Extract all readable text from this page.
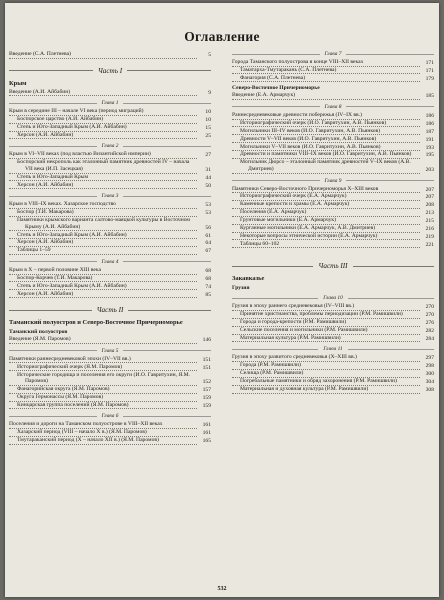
Оглавление
Введение (С.А. Плетнева)	5
Часть I
Крым
Введение (А.И. Айбабин)	9
Глава 1
Крым в середине III – начале VI века (период миграций)	10
Боспорское царство (А.И. Айбабин)	10
Степь и Юго-Западный Крым (А.И. Айбабин)	15
Херсон (А.И. Айбабин)	25
Глава 2
Крым в VI–VII веках (под властью Византийской империи)	27
Боспорский некрополь как эталонный памятник древностей IV – начала VII века (И.П. Засецкая)	31
Степь и Юго-Западный Крым	44
Херсон (А.И. Айбабин)	50
Глава 3
Крым в VIII–IX веках. Хазарское господство	53
Боспор (Т.И. Макарова)	53
Памятники крымского варианта салтово-маяцкой культуры в Восточном Крыму (А.И. Айбабин)	56
Степь и Юго-Западный Крым (А.И. Айбабин)	61
Херсон (А.И. Айбабин)	64
Таблицы 1–59	67
Глава 4
Крым в X – первой половине XIII века	68
Боспор-Корчев (Т.И. Макарова)	68
Степь и Юго-Западный Крым (А.И. Айбабин)	74
Херсон (А.И. Айбабин)	85
Часть II
Таманский полуостров и Северо-Восточное Причерноморье
Таманский полуостров
Введение (Я.М. Паромов)	146
Глава 5
Памятники раннесредневековой эпохи (IV–VII вв.)	151
Историографический очерк (Я.М. Паромов)	151
Исторические городища и поселения его округи (И.О. Гавритухин, Я.М. Паромов)	152
Фанагорийская округа (Я.М. Паромов)	157
Округа Гермонассы (Я.М. Паромов)	159
Кинцарская группа поселений (Я.М. Паромов)	159
Глава 6
Поселения и дороги на Таманском полуострове в VIII–XII веках	161
Хазарский период (VIII – начало X в.) (Я.М. Паромов)	161
Тмутараканский период (X – начало XII в.) (Я.М. Паромов)	165
Глава 7
Города Таманского полуострова в конце VIII–XII веках	171
Таматарха-Тмутаракань (С.А. Плетнева)	171
Фанагория (С.А. Плетнева)	179
Северо-Восточное Причерноморье
Введение (Е.А. Армарчук)	185
Глава 8
Раннесредневековые древности побережья (IV–IX вв.)	186
Историографический очерк (И.О. Гавритухин, А.В. Пьянков)	186
Могильники III–IV веков (И.О. Гавритухин, А.В. Пьянков)	187
Древности V–VII веков (И.О. Гавритухин, А.В. Пьянков)	191
Могильники V–VII веков (И.О. Гавритухин, А.В. Пьянков)	193
Древности и памятники VIII–IX веков (И.О. Гавритухин, А.В. Пьянков)	195
Могильник Дюрсо – эталонный памятник древностей V–IX веков (А.В. Дмитриев)	203
Глава 9
Памятники Северо-Восточного Причерноморья X–XIII веков	207
Историографический очерк (Е.А. Армарчук)	207
Каменные крепости и храмы (Е.А. Армарчук)	208
Поселения (Е.А. Армарчук)	213
Грунтовые могильники (Е.А. Армарчук)	215
Курганные могильники (Е.А. Армарчук, А.В. Дмитриев)	216
Некоторые вопросы этнической истории (Е.А. Армарчук)	219
Таблицы 60–102	221
Часть III
Закавказье
Грузия
Глава 10
Грузия в эпоху раннего средневековья (IV–VIII вв.)	270
Принятие христианства, проблемы периодизации (Р.М. Рамишвили)	270
Города и города-крепости (Р.М. Рамишвили)	276
Сельские поселения и могильники (Р.М. Рамишвили)	282
Материальная культура (Р.М. Рамишвили)	284
Глава 11
Грузия в эпоху развитого средневековья (X–XIII вв.)	297
Города (Р.М. Рамишвили)	298
Селища (Р.М. Рамишвили)	300
Погребальные памятники и обряд захоронения (Р.М. Рамишвили)	304
Материальная и духовная культура (Р.М. Рамишвили)	308
532
